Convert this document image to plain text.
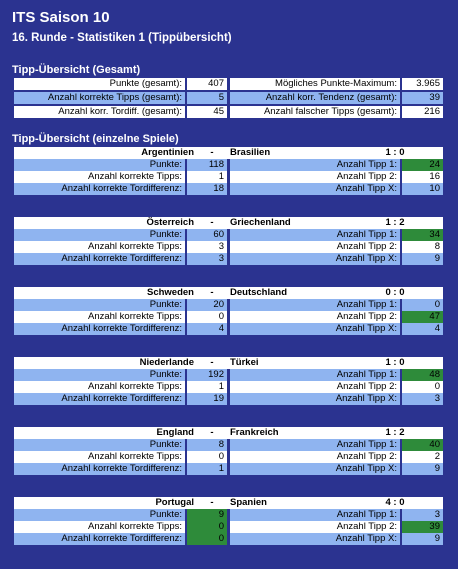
ITS Saison 10
16. Runde - Statistiken 1 (Tippübersicht)
Tipp-Übersicht (Gesamt)
Punkte (gesamt):	407	Mögliches Punkte-Maximum:	3.965
Anzahl korrekte Tipps (gesamt):	5	Anzahl korr. Tendenz (gesamt):	39
Anzahl korr. Tordiff. (gesamt):	45	Anzahl falscher Tipps (gesamt):	216
Tipp-Übersicht (einzelne Spiele)
Argentinien	-	Brasilien	1 : 0
Punkte:	118	Anzahl Tipp 1:	24
Anzahl korrekte Tipps:	1	Anzahl Tipp 2:	16
Anzahl korrekte Tordifferenz:	18	Anzahl Tipp X:	10
Österreich	-	Griechenland	1 : 2
Punkte:	60	Anzahl Tipp 1:	34
Anzahl korrekte Tipps:	3	Anzahl Tipp 2:	8
Anzahl korrekte Tordifferenz:	3	Anzahl Tipp X:	9
Schweden	-	Deutschland	0 : 0
Punkte:	20	Anzahl Tipp 1:	0
Anzahl korrekte Tipps:	0	Anzahl Tipp 2:	47
Anzahl korrekte Tordifferenz:	4	Anzahl Tipp X:	4
Niederlande	-	Türkei	1 : 0
Punkte:	192	Anzahl Tipp 1:	48
Anzahl korrekte Tipps:	1	Anzahl Tipp 2:	0
Anzahl korrekte Tordifferenz:	19	Anzahl Tipp X:	3
England	-	Frankreich	1 : 2
Punkte:	8	Anzahl Tipp 1:	40
Anzahl korrekte Tipps:	0	Anzahl Tipp 2:	2
Anzahl korrekte Tordifferenz:	1	Anzahl Tipp X:	9
Portugal	-	Spanien	4 : 0
Punkte:	9	Anzahl Tipp 1:	3
Anzahl korrekte Tipps:	0	Anzahl Tipp 2:	39
Anzahl korrekte Tordifferenz:	0	Anzahl Tipp X:	9
